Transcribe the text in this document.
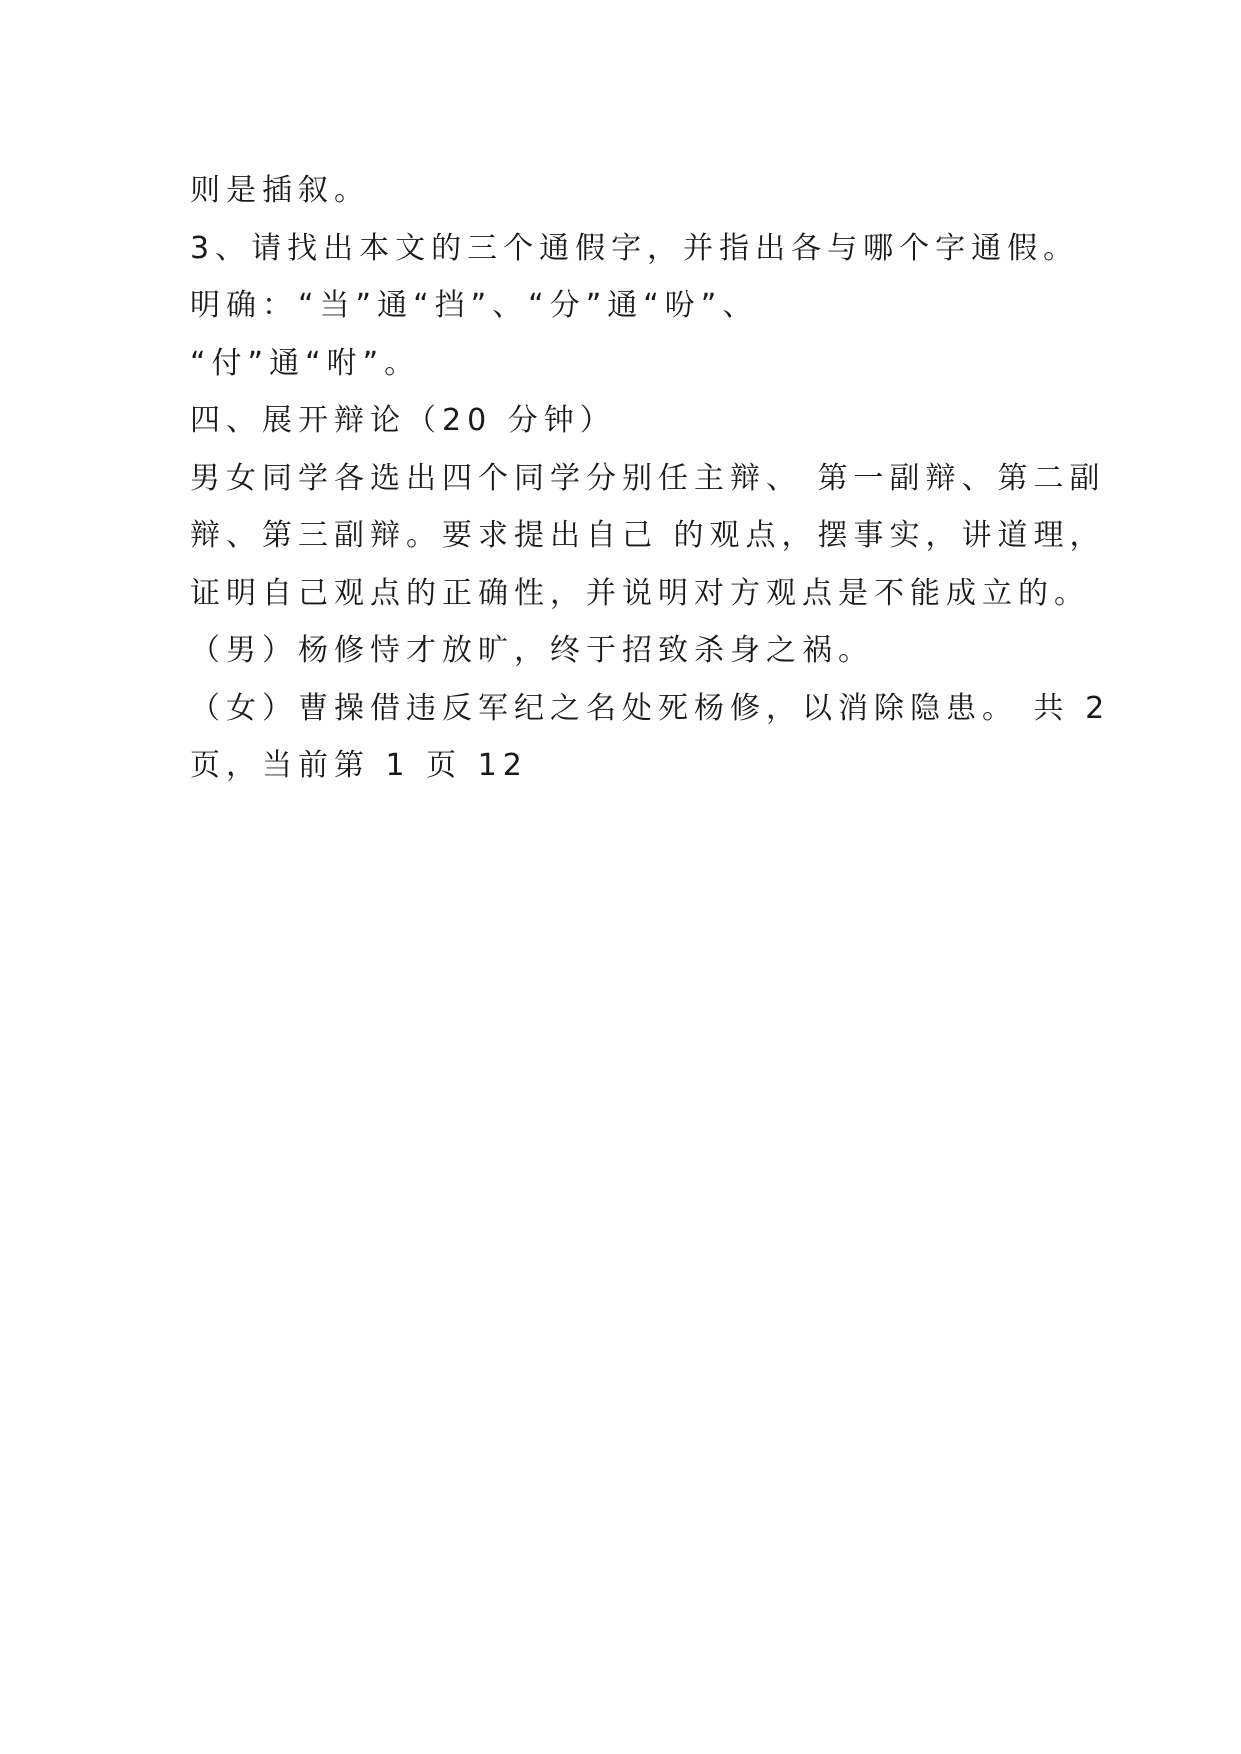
则是插叙。
3、请找出本文的三个通假字，并指出各与哪个字通假。
明确：“当”通“挡”、“分”通“吩”、
“付”通“咐”。
四、展开辩论（20 分钟）
男女同学各选出四个同学分别任主辩、 第一副辩、第二副
辩、第三副辩。要求提出自己 的观点，摆事实，讲道理，
证明自己观点的正确性，并说明对方观点是不能成立的。
（男）杨修恃才放旷，终于招致杀身之祸。
（女）曹操借违反军纪之名处死杨修，以消除隐患。 共 2
页，当前第 1 页 12
